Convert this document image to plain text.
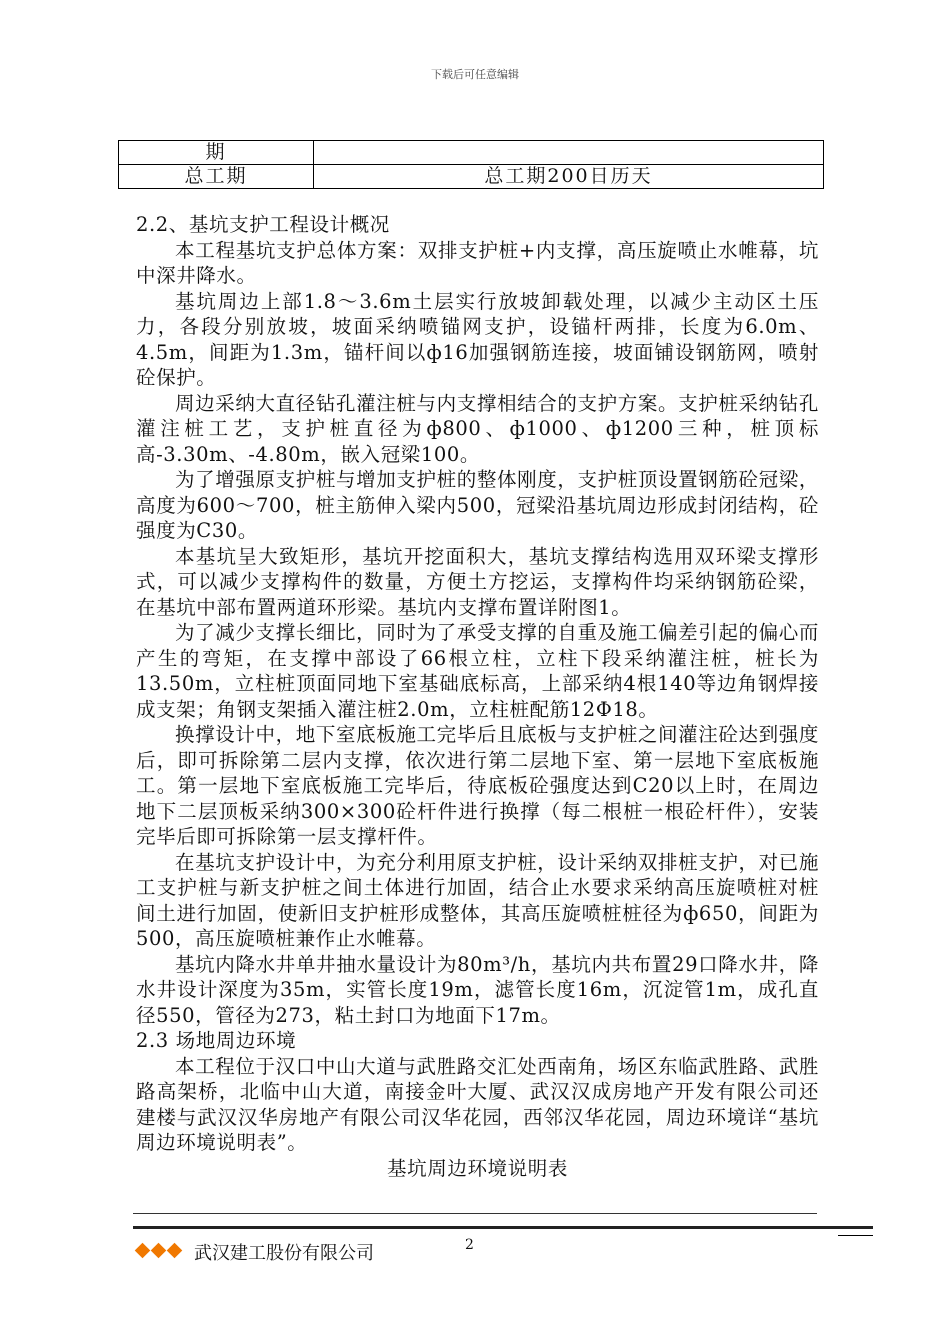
下载后可任意编辑
期	
总工期	总工期200日历天

2.2、基坑支护工程设计概况

本工程基坑支护总体方案：双排支护桩+内支撑，高压旋喷止水帷幕，坑中深井降水。

基坑周边上部1.8～3.6m土层实行放坡卸载处理，以减少主动区土压力，各段分别放坡，坡面采纳喷锚网支护，设锚杆两排，长度为6.0m、4.5m，间距为1.3m，锚杆间以ф16加强钢筋连接，坡面铺设钢筋网，喷射砼保护。

周边采纳大直径钻孔灌注桩与内支撑相结合的支护方案。支护桩采纳钻孔灌注桩工艺，支护桩直径为ф800、ф1000、ф1200三种，桩顶标高-3.30m、-4.80m，嵌入冠梁100。

为了增强原支护桩与增加支护桩的整体刚度，支护桩顶设置钢筋砼冠梁，高度为600～700，桩主筋伸入梁内500，冠梁沿基坑周边形成封闭结构，砼强度为C30。

本基坑呈大致矩形，基坑开挖面积大，基坑支撑结构选用双环梁支撑形式，可以减少支撑构件的数量，方便土方挖运，支撑构件均采纳钢筋砼梁，在基坑中部布置两道环形梁。基坑内支撑布置详附图1。

为了减少支撑长细比，同时为了承受支撑的自重及施工偏差引起的偏心而产生的弯矩，在支撑中部设了66根立柱，立柱下段采纳灌注桩，桩长为13.50m，立柱桩顶面同地下室基础底标高，上部采纳4根140等边角钢焊接成支架；角钢支架插入灌注桩2.0m，立柱桩配筋12Φ18。

换撑设计中，地下室底板施工完毕后且底板与支护桩之间灌注砼达到强度后，即可拆除第二层内支撑，依次进行第二层地下室、第一层地下室底板施工。第一层地下室底板施工完毕后，待底板砼强度达到C20以上时，在周边地下二层顶板采纳300×300砼杆件进行换撑（每二根桩一根砼杆件），安装完毕后即可拆除第一层支撑杆件。

在基坑支护设计中，为充分利用原支护桩，设计采纳双排桩支护，对已施工支护桩与新支护桩之间土体进行加固，结合止水要求采纳高压旋喷桩对桩间土进行加固，使新旧支护桩形成整体，其高压旋喷桩桩径为ф650，间距为500，高压旋喷桩兼作止水帷幕。

基坑内降水井单井抽水量设计为80m³/h，基坑内共布置29口降水井，降水井设计深度为35m，实管长度19m，滤管长度16m，沉淀管1m，成孔直径550，管径为273，粘土封口为地面下17m。

2.3 场地周边环境

本工程位于汉口中山大道与武胜路交汇处西南角，场区东临武胜路、武胜路高架桥，北临中山大道，南接金叶大厦、武汉汉成房地产开发有限公司还建楼与武汉汉华房地产有限公司汉华花园，西邻汉华花园，周边环境详“基坑周边环境说明表”。

基坑周边环境说明表

武汉建工股份有限公司	2
